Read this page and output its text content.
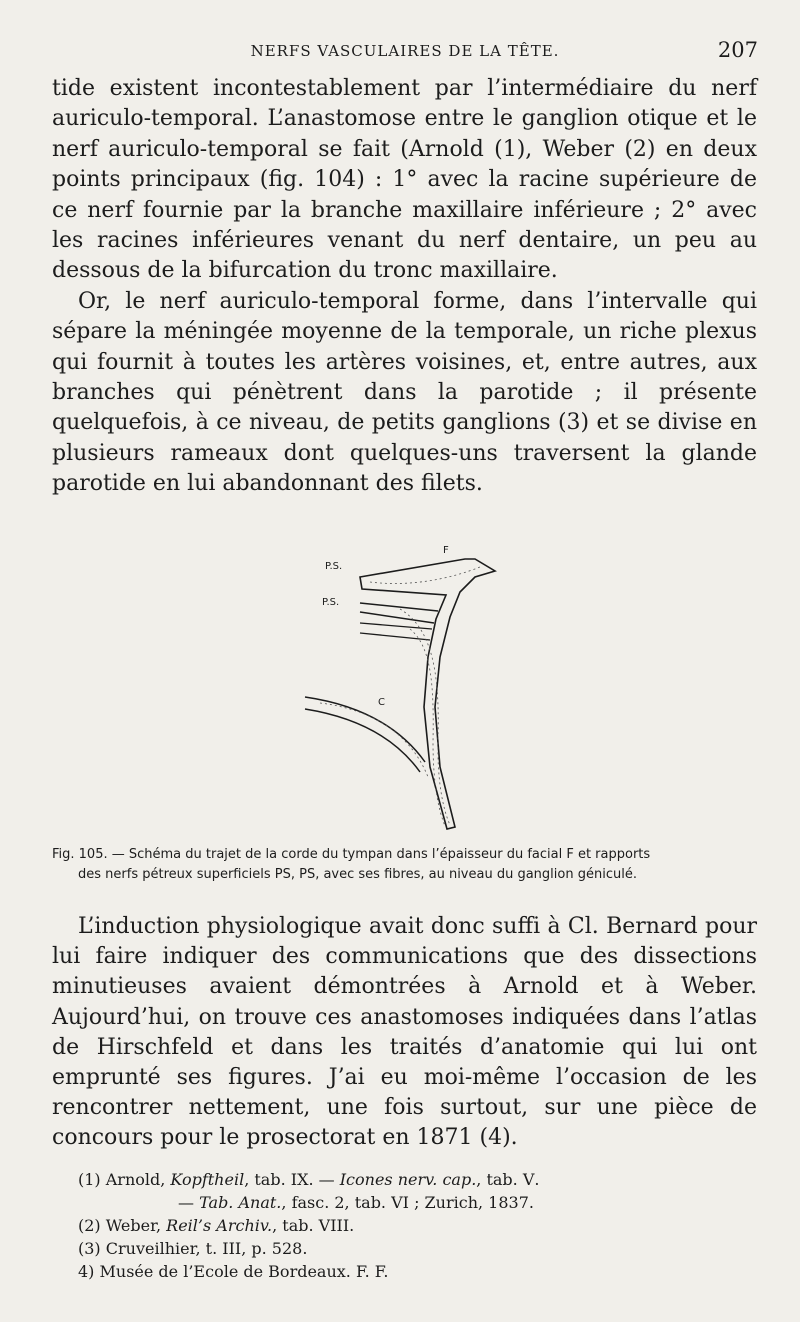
NERFS VASCULAIRES DE LA TÊTE.	207

tide existent incontestablement par l’intermédiaire du nerf auriculo-temporal. L’anastomose entre le ganglion otique et le nerf auriculo-temporal se fait (Arnold (1), Weber (2) en deux points principaux (fig. 104) : 1° avec la racine supérieure de ce nerf fournie par la branche maxillaire inférieure ; 2° avec les racines inférieures venant du nerf dentaire, un peu au dessous de la bifurcation du tronc maxillaire.

Or, le nerf auriculo-temporal forme, dans l’intervalle qui sépare la méningée moyenne de la temporale, un riche plexus qui fournit à toutes les artères voisines, et, entre autres, aux branches qui pénètrent dans la parotide ; il présente quelquefois, à ce niveau, de petits ganglions (3) et se divise en plusieurs rameaux dont quelques-uns traversent la glande parotide en lui abandonnant des filets.

F
P.S.
P.S.
C
Fig. 105. — Schéma du trajet de la corde du tympan dans l’épaisseur du facial F et rapports
des nerfs pétreux superficiels PS, PS, avec ses fibres, au niveau du ganglion géniculé.

L’induction physiologique avait donc suffi à Cl. Bernard pour lui faire indiquer des communications que des dissections minutieuses avaient démontrées à Arnold et à Weber. Aujourd’hui, on trouve ces anastomoses indiquées dans l’atlas de Hirschfeld et dans les traités d’anatomie qui lui ont emprunté ses figures. J’ai eu moi-même l’occasion de les rencontrer nettement, une fois surtout, sur une pièce de concours pour le prosectorat en 1871 (4).

(1) Arnold, Kopftheil, tab. IX. — Icones nerv. cap., tab. V.
— Tab. Anat., fasc. 2, tab. VI ; Zurich, 1837.
(2) Weber, Reil’s Archiv., tab. VIII.
(3) Cruveilhier, t. III, p. 528.
4) Musée de l’Ecole de Bordeaux. F. F.
